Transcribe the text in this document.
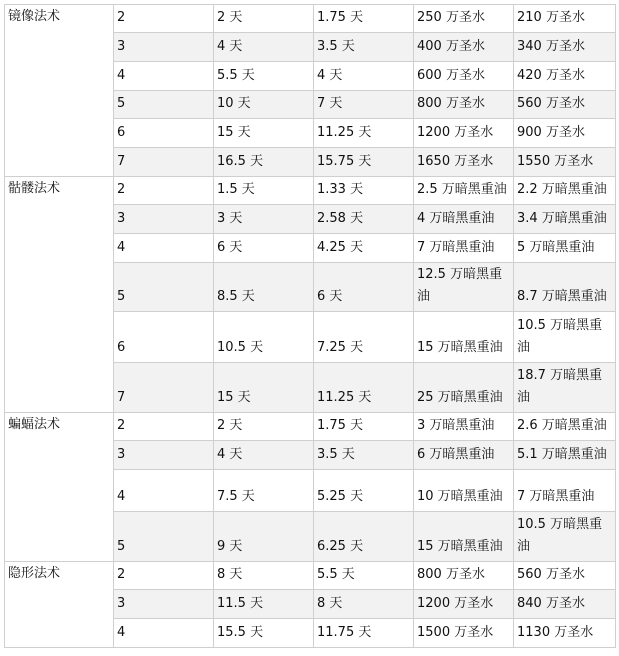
镜像法术	2	2 天	1.75 天	250 万圣水	210 万圣水
	3	4 天	3.5 天	400 万圣水	340 万圣水
	4	5.5 天	4 天	600 万圣水	420 万圣水
	5	10 天	7 天	800 万圣水	560 万圣水
	6	15 天	11.25 天	1200 万圣水	900 万圣水
	7	16.5 天	15.75 天	1650 万圣水	1550 万圣水
骷髅法术	2	1.5 天	1.33 天	2.5 万暗黑重油	2.2 万暗黑重油
	3	3 天	2.58 天	4 万暗黑重油	3.4 万暗黑重油
	4	6 天	4.25 天	7 万暗黑重油	5 万暗黑重油
	5	8.5 天	6 天	12.5 万暗黑重油	8.7 万暗黑重油
	6	10.5 天	7.25 天	15 万暗黑重油	10.5 万暗黑重油
	7	15 天	11.25 天	25 万暗黑重油	18.7 万暗黑重油
蝙蝠法术	2	2 天	1.75 天	3 万暗黑重油	2.6 万暗黑重油
	3	4 天	3.5 天	6 万暗黑重油	5.1 万暗黑重油
	4	7.5 天	5.25 天	10 万暗黑重油	7 万暗黑重油
	5	9 天	6.25 天	15 万暗黑重油	10.5 万暗黑重油
隐形法术	2	8 天	5.5 天	800 万圣水	560 万圣水
	3	11.5 天	8 天	1200 万圣水	840 万圣水
	4	15.5 天	11.75 天	1500 万圣水	1130 万圣水
